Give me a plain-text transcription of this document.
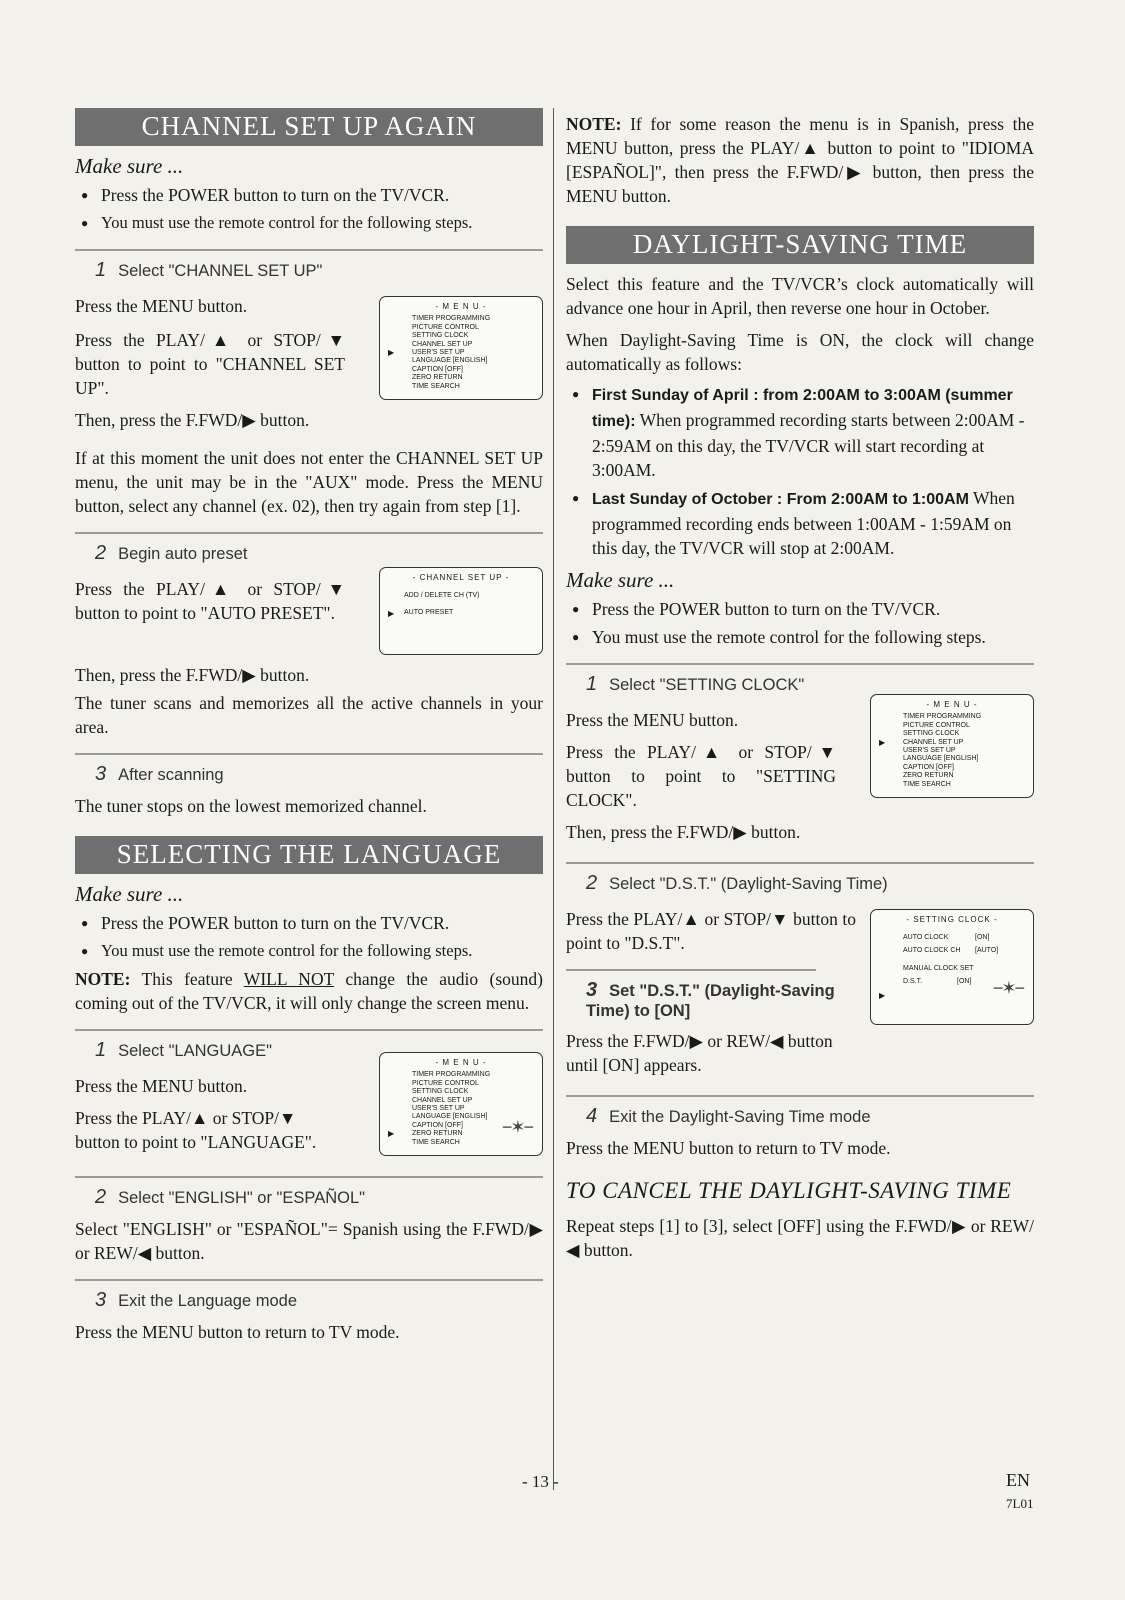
CHANNEL SET UP AGAIN
Make sure ...
● Press the POWER button to turn on the TV/VCR.
● You must use the remote control for the following steps.
1 Select "CHANNEL SET UP"

Press the MENU button.

Press the PLAY/▲ or STOP/▼ button to point to "CHANNEL SET UP".

Then, press the F.FWD/▶ button.

- M E N U -
▶
TIMER PROGRAMMING
PICTURE CONTROL
SETTING CLOCK
CHANNEL SET UP
USER'S SET UP
LANGUAGE [ENGLISH]
CAPTION [OFF]
ZERO RETURN
TIME SEARCH

If at this moment the unit does not enter the CHANNEL SET UP menu, the unit may be in the "AUX" mode. Press the MENU button, select any channel (ex. 02), then try again from step [1].

2 Begin auto preset

Press the PLAY/▲ or STOP/▼ button to point to "AUTO PRESET".

- CHANNEL SET UP -
ADD / DELETE CH (TV)
AUTO PRESET
▶

Then, press the F.FWD/▶ button.

The tuner scans and memorizes all the active channels in your area.

3 After scanning

The tuner stops on the lowest memorized channel.

SELECTING THE LANGUAGE
Make sure ...
● Press the POWER button to turn on the TV/VCR.
● You must use the remote control for the following steps.

NOTE: This feature WILL NOT change the audio (sound) coming out of the TV/VCR, it will only change the screen menu.

1 Select "LANGUAGE"

Press the MENU button.

Press the PLAY/▲ or STOP/▼ button to point to "LANGUAGE".

- M E N U -
▶	−✶−
TIMER PROGRAMMING
PICTURE CONTROL
SETTING CLOCK
CHANNEL SET UP
USER'S SET UP
LANGUAGE [ENGLISH]
CAPTION [OFF]
ZERO RETURN
TIME SEARCH
2 Select "ENGLISH" or "ESPAÑOL"

Select "ENGLISH" or "ESPAÑOL"= Spanish using the F.FWD/▶ or REW/◀ button.

3 Exit the Language mode

Press the MENU button to return to TV mode.

NOTE: If for some reason the menu is in Spanish, press the MENU button, press the PLAY/▲ button to point to "IDIOMA [ESPAÑOL]", then press the F.FWD/▶ button, then press the MENU button.

DAYLIGHT-SAVING TIME

Select this feature and the TV/VCR’s clock automatically will advance one hour in April, then reverse one hour in October.

When Daylight-Saving Time is ON, the clock will change automatically as follows:

● First Sunday of April : from 2:00AM to 3:00AM (summer time): When programmed recording starts between 2:00AM - 2:59AM on this day, the TV/VCR will start recording at 3:00AM.
● Last Sunday of October : From 2:00AM to 1:00AM When programmed recording ends between 1:00AM - 1:59AM on this day, the TV/VCR will stop at 2:00AM.
Make sure ...
● Press the POWER button to turn on the TV/VCR.
● You must use the remote control for the following steps.
1 Select "SETTING CLOCK"

Press the MENU button.

Press the PLAY/▲ or STOP/▼ button to point to "SETTING CLOCK".

Then, press the F.FWD/▶ button.

- M E N U -
▶
TIMER PROGRAMMING
PICTURE CONTROL
SETTING CLOCK
CHANNEL SET UP
USER'S SET UP
LANGUAGE [ENGLISH]
CAPTION [OFF]
ZERO RETURN
TIME SEARCH
2 Select "D.S.T." (Daylight-Saving Time)

Press the PLAY/▲ or STOP/▼ button to point to "D.S.T".

3 Set "D.S.T." (Daylight-Saving Time) to [ON]

Press the F.FWD/▶ or REW/◀ button until [ON] appears.

- SETTING CLOCK -
AUTO CLOCK	[ON]
AUTO CLOCK CH [AUTO]
MANUAL CLOCK SET
D.S.T.	[ON]
▶	−✶−
4 Exit the Daylight-Saving Time mode

Press the MENU button to return to TV mode.

TO CANCEL THE DAYLIGHT-SAVING TIME

Repeat steps [1] to [3], select [OFF] using the F.FWD/▶ or REW/◀ button.

- 13 -	EN
7L01
